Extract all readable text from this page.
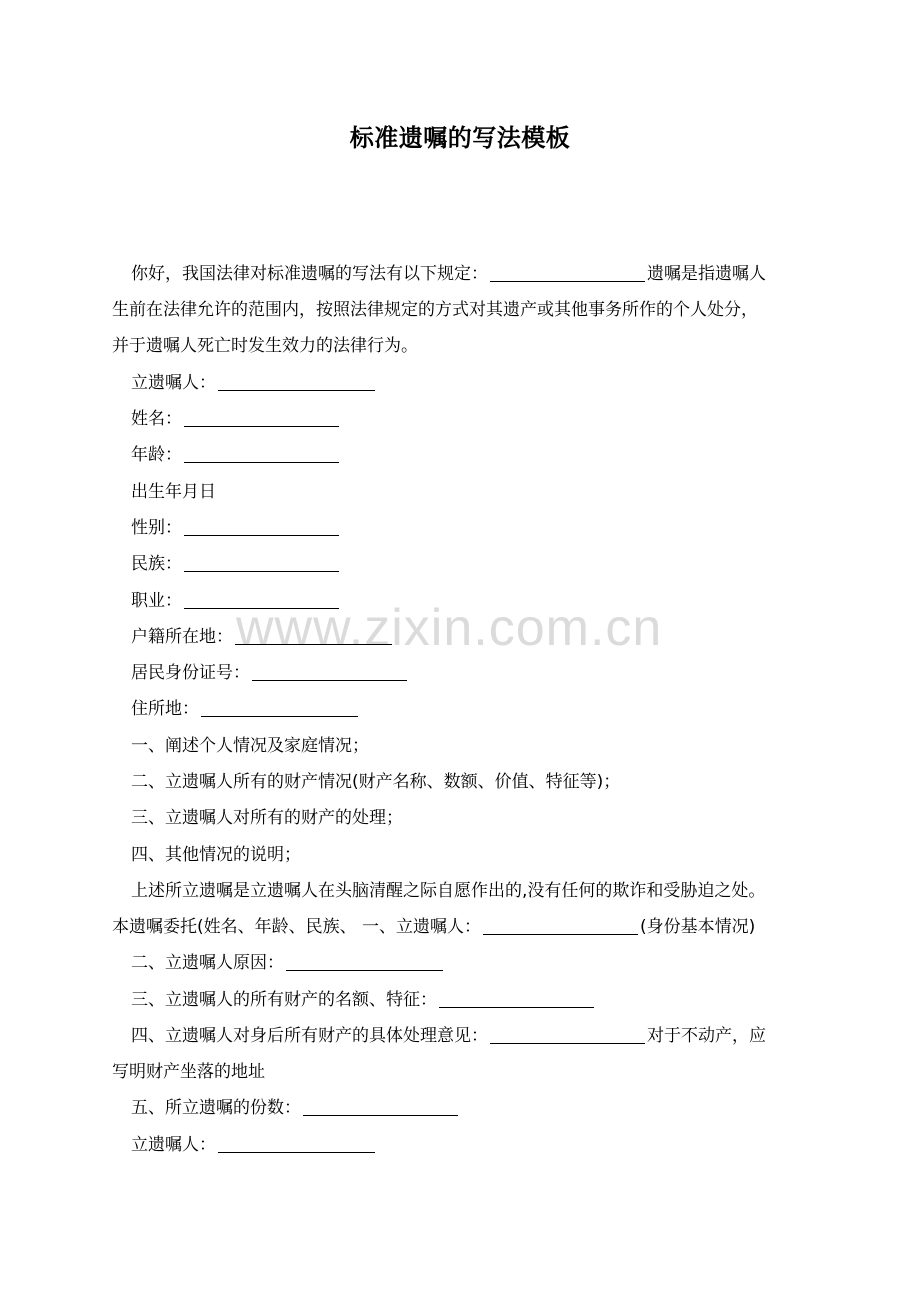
标准遗嘱的写法模板
www.zixin.com.cn
你好，我国法律对标准遗嘱的写法有以下规定：	遗嘱是指遗嘱人
生前在法律允许的范围内，按照法律规定的方式对其遗产或其他事务所作的个人处分，
并于遗嘱人死亡时发生效力的法律行为。
立遗嘱人：
姓名：
年龄：
出生年月日
性别：
民族：
职业：
户籍所在地：
居民身份证号：
住所地：
一、阐述个人情况及家庭情况；
二、立遗嘱人所有的财产情况(财产名称、数额、价值、特征等)；
三、立遗嘱人对所有的财产的处理；
四、其他情况的说明；
上述所立遗嘱是立遗嘱人在头脑清醒之际自愿作出的,没有任何的欺诈和受胁迫之处。
本遗嘱委托(姓名、年龄、民族、 一、立遗嘱人：	(身份基本情况)
二、立遗嘱人原因：
三、立遗嘱人的所有财产的名额、特征：
四、立遗嘱人对身后所有财产的具体处理意见：	对于不动产，应
写明财产坐落的地址
五、所立遗嘱的份数：
立遗嘱人：
